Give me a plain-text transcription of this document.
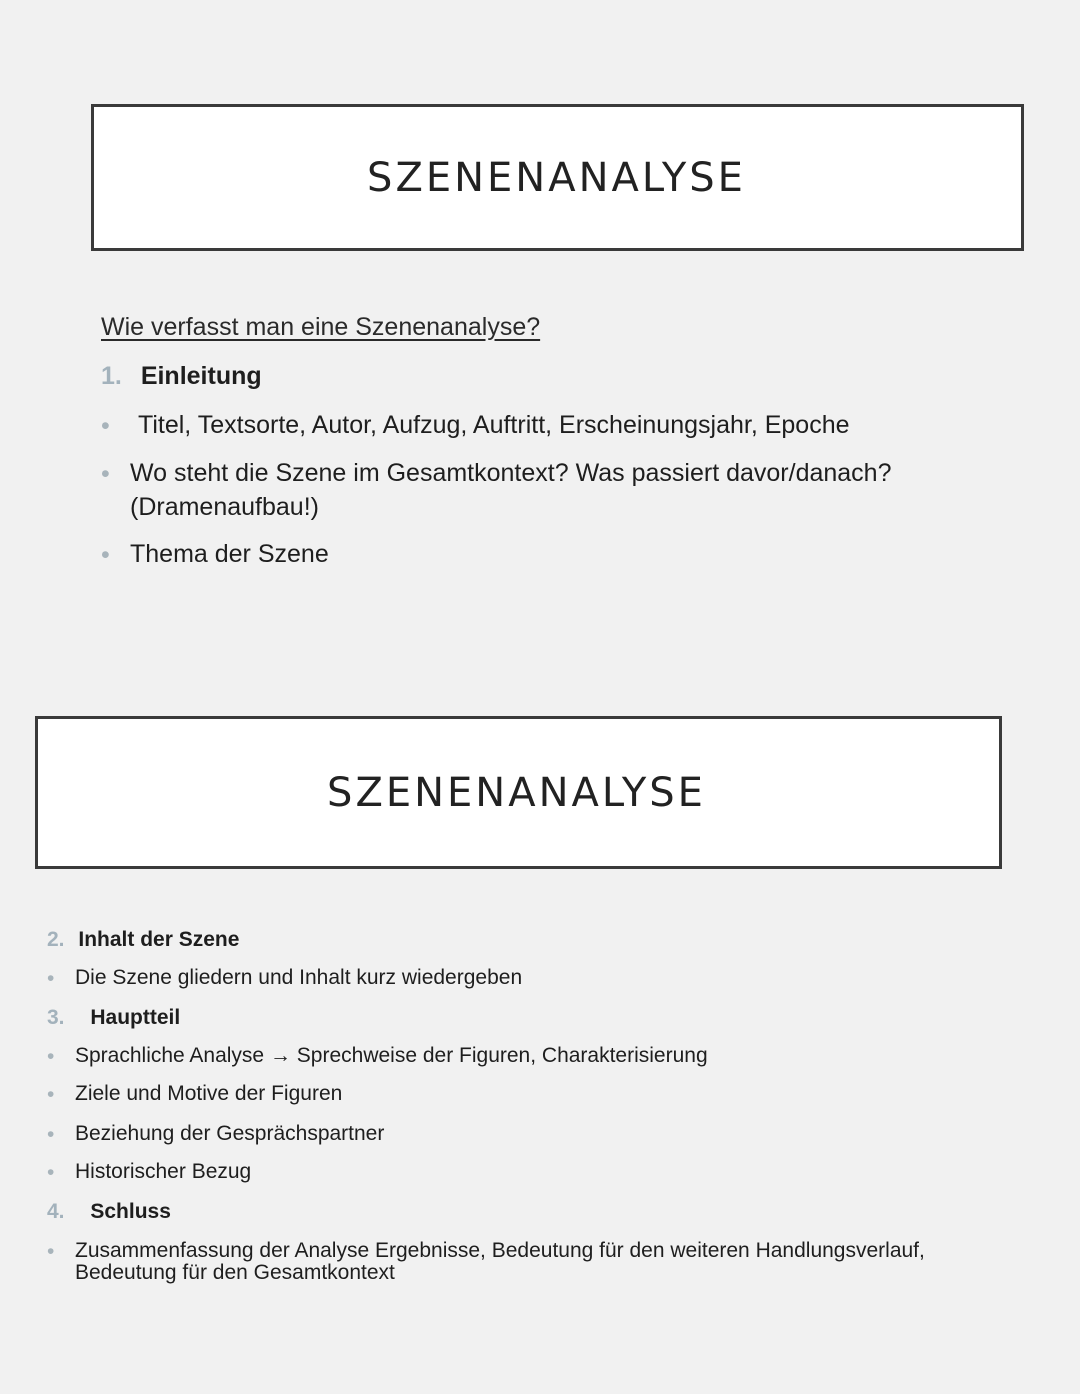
SZENENANALYSE
Wie verfasst man eine Szenenanalyse?
1. Einleitung
• Titel, Textsorte, Autor, Aufzug, Auftritt, Erscheinungsjahr, Epoche
• Wo steht die Szene im Gesamtkontext? Was passiert davor/danach?
(Dramenaufbau!)
• Thema der Szene
SZENENANALYSE
2. Inhalt der Szene
• Die Szene gliedern und Inhalt kurz wiedergeben
3. Hauptteil
• Sprachliche Analyse → Sprechweise der Figuren, Charakterisierung
• Ziele und Motive der Figuren
• Beziehung der Gesprächspartner
• Historischer Bezug
4. Schluss
• Zusammenfassung der Analyse Ergebnisse, Bedeutung für den weiteren Handlungsverlauf,
Bedeutung für den Gesamtkontext
